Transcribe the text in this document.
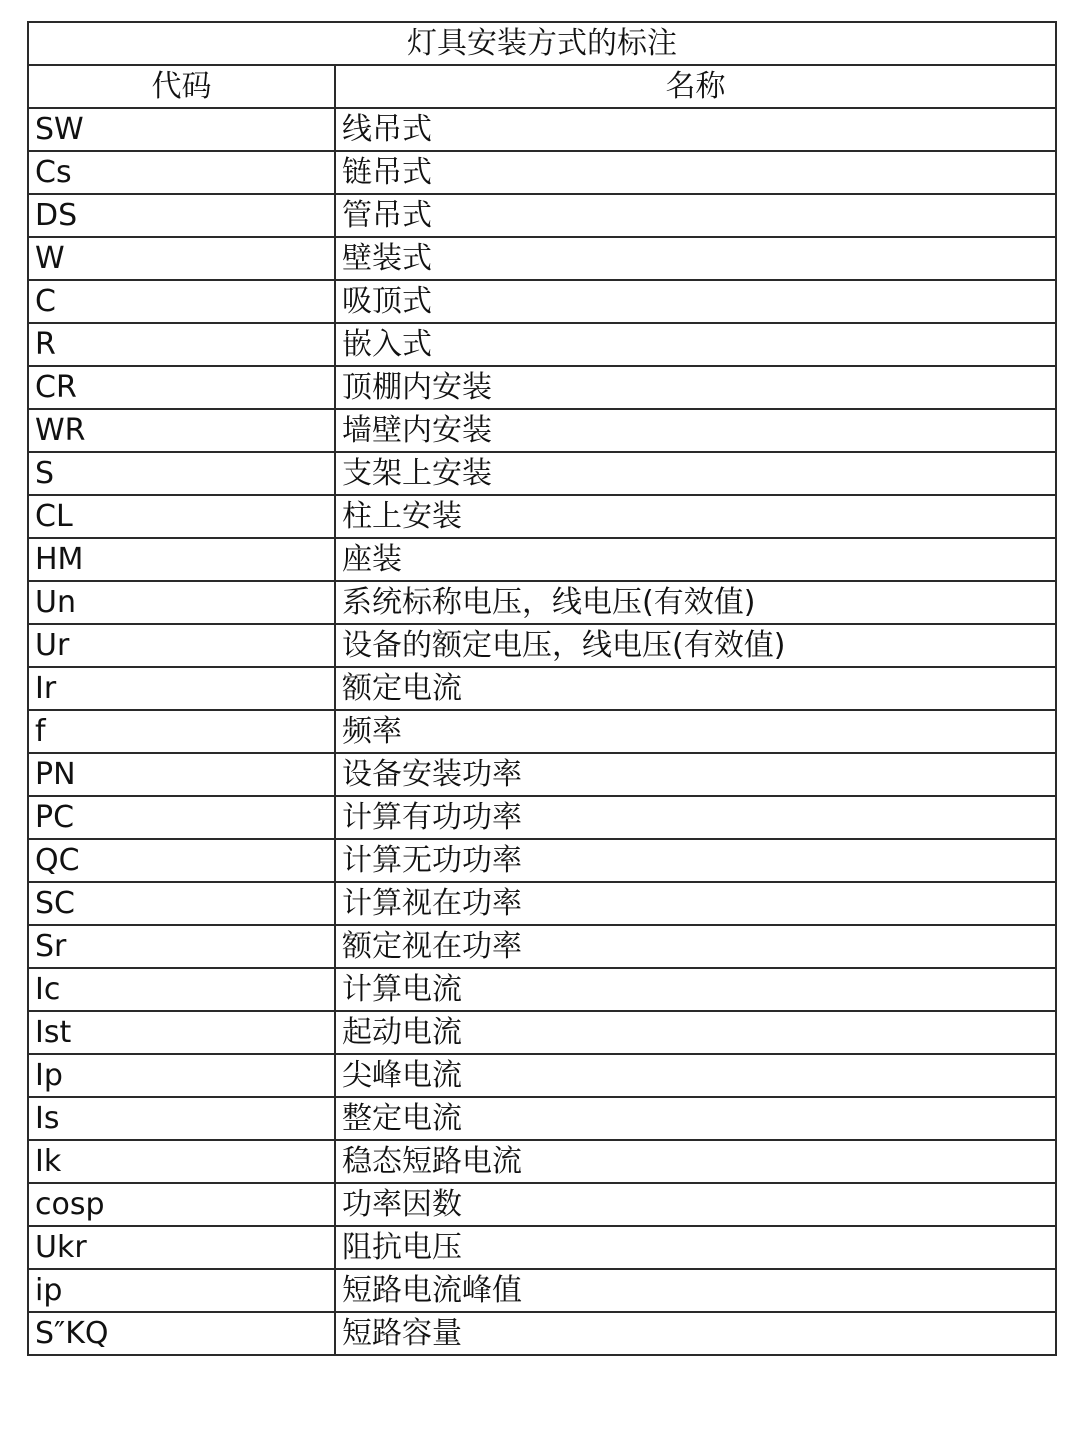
灯具安装方式的标注	
代码	名称
SW	线吊式
Cs	链吊式
DS	管吊式
W	壁装式
C	吸顶式
R	嵌入式
CR	顶棚内安装
WR	墙壁内安装
S	支架上安装
CL	柱上安装
HM	座装
Un	系统标称电压，线电压(有效值)
Ur	设备的额定电压，线电压(有效值)
Ir	额定电流
f	频率
PN	设备安装功率
PC	计算有功功率
QC	计算无功功率
SC	计算视在功率
Sr	额定视在功率
Ic	计算电流
Ist	起动电流
Ip	尖峰电流
Is	整定电流
Ik	稳态短路电流
cosp	功率因数
Ukr	阻抗电压
ip	短路电流峰值
S″KQ	短路容量
